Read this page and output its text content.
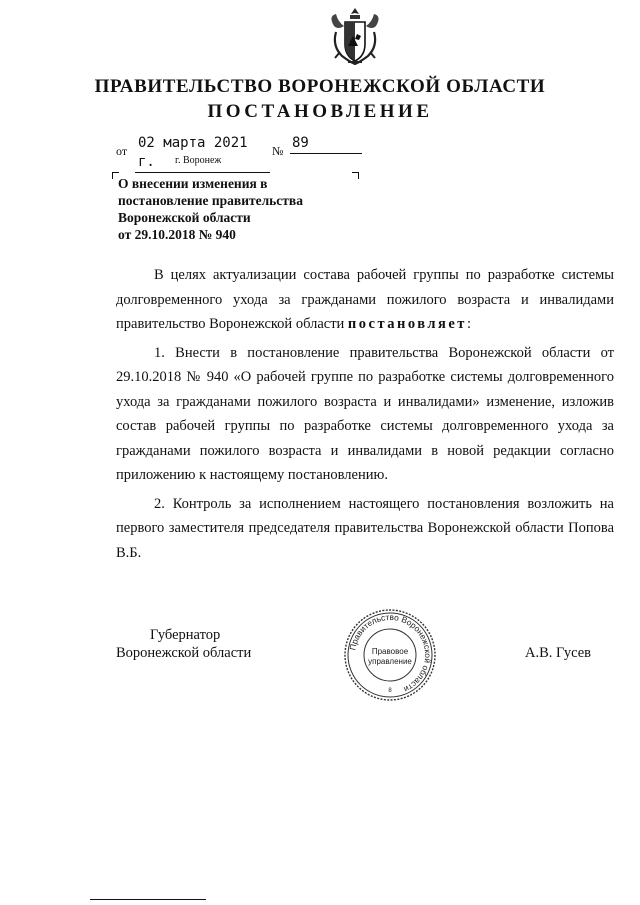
ПРАВИТЕЛЬСТВО ВОРОНЕЖСКОЙ ОБЛАСТИ
ПОСТАНОВЛЕНИЕ
от 02 марта 2021 г.
№ 89
г. Воронеж
О внесении изменения в
постановление правительства
Воронежской области
от 29.10.2018 № 940

В целях актуализации состава рабочей группы по разработке системы долговременного ухода за гражданами пожилого возраста и инвалидами правительство Воронежской области постановляет:

1. Внести в постановление правительства Воронежской области от 29.10.2018 № 940 «О рабочей группе по разработке системы долговременного ухода за гражданами пожилого возраста и инвалидами» изменение, изложив состав рабочей группы по разработке системы долговременного ухода за гражданами пожилого возраста и инвалидами в новой редакции согласно приложению к настоящему постановлению.

2. Контроль за исполнением настоящего постановления возложить на первого заместителя председателя правительства Воронежской области Попова В.Б.

Губернатор
Воронежской области	Правительство Воронежской области
Правовое
управление
8
А.В. Гусев
